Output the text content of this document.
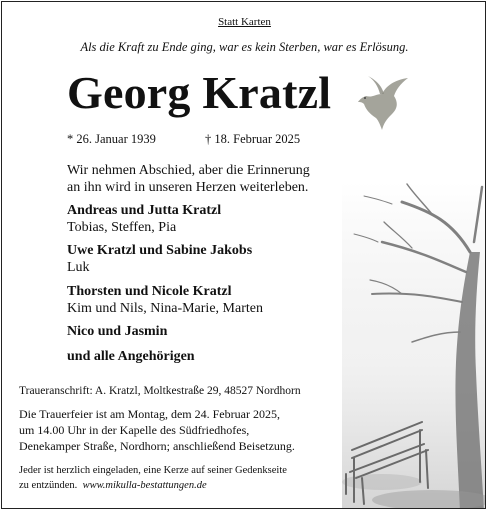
Statt Karten
Als die Kraft zu Ende ging, war es kein Sterben, war es Erlösung.
Georg Kratzl
* 26. Januar 1939	† 18. Februar 2025
Wir nehmen Abschied, aber die Erinnerung
an ihn wird in unseren Herzen weiterleben.
Andreas und Jutta Kratzl
Tobias, Steffen, Pia
Uwe Kratzl und Sabine Jakobs
Luk
Thorsten und Nicole Kratzl
Kim und Nils, Nina-Marie, Marten
Nico und Jasmin
und alle Angehörigen
Traueranschrift: A. Kratzl, Moltkestraße 29, 48527 Nordhorn
Die Trauerfeier ist am Montag, dem 24. Februar 2025,
um 14.00 Uhr in der Kapelle des Südfriedhofes,
Denekamper Straße, Nordhorn; anschließend Beisetzung.
Jeder ist herzlich eingeladen, eine Kerze auf seiner Gedenkseite
zu entzünden. www.mikulla-bestattungen.de
